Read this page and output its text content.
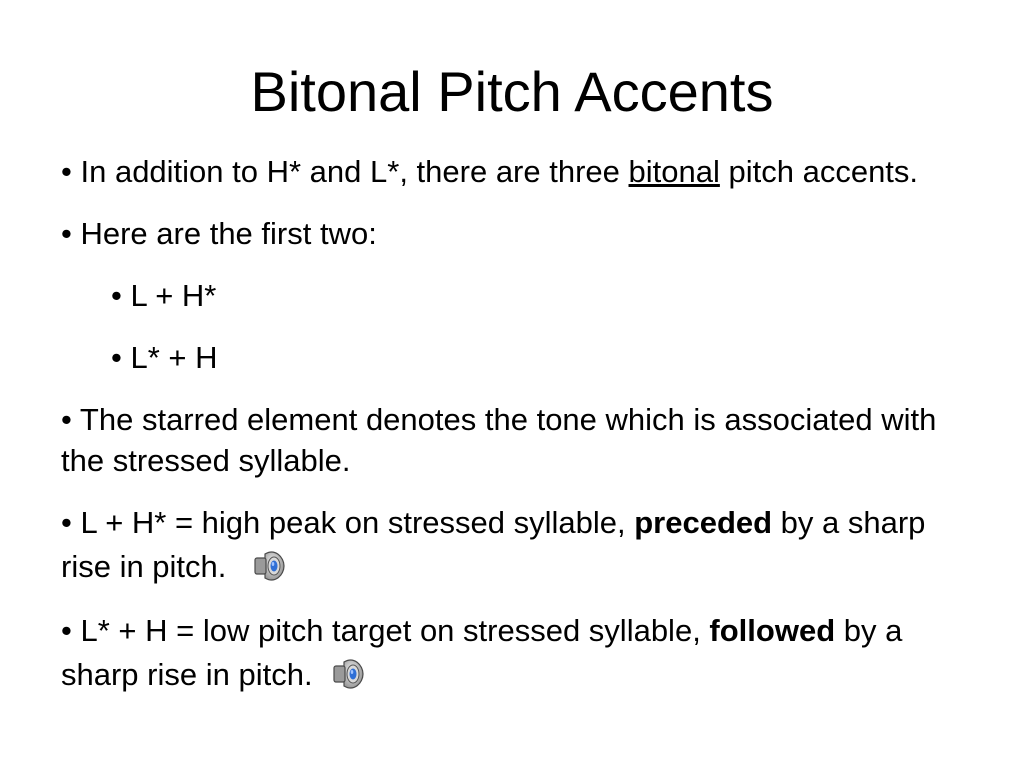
Bitonal Pitch Accents

• In addition to H* and L*, there are three bitonal pitch accents.

• Here are the first two:

• L + H*

• L* + H

• The starred element denotes the tone which is associated with the stressed syllable.

• L + H* = high peak on stressed syllable, preceded by a sharp rise in pitch.

• L* + H = low pitch target on stressed syllable, followed by a sharp rise in pitch.
